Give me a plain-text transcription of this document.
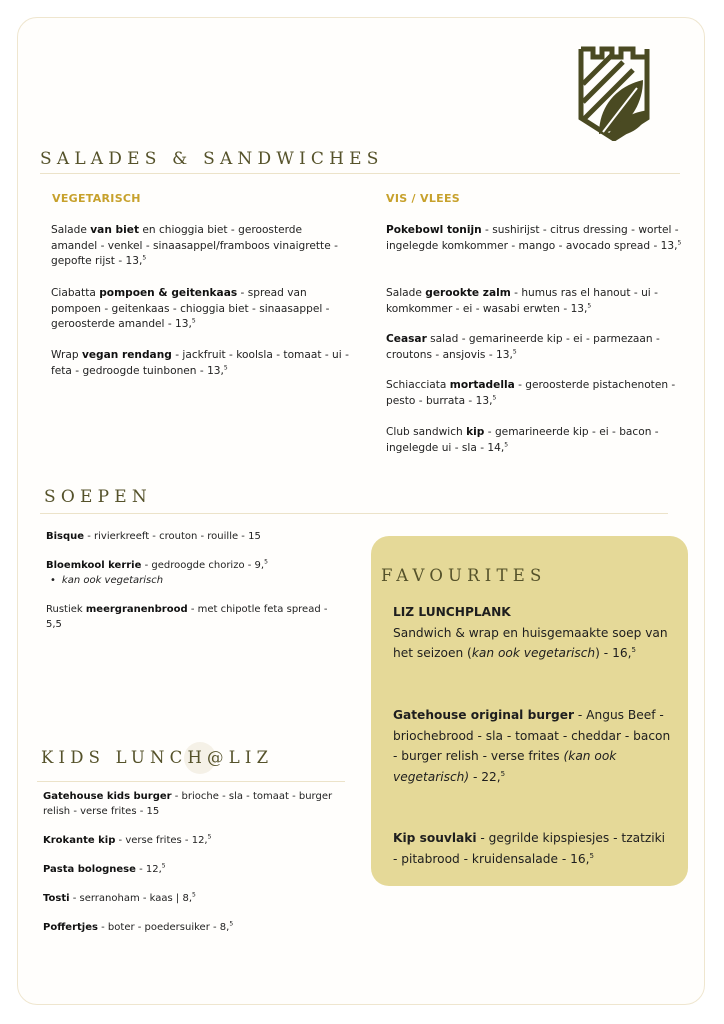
SALADES & SANDWICHES
VEGETARISCH	VIS / VLEES

Salade van biet en chioggia biet - geroosterde amandel - venkel - sinaasappel/framboos vinaigrette - gepofte rijst - 13,$^5$

Ciabatta pompoen & geitenkaas - spread van pompoen - geitenkaas - chioggia biet - sinaasappel - geroosterde amandel - 13,$^5$

Wrap vegan rendang - jackfruit - koolsla - tomaat - ui - feta - gedroogde tuinbonen - 13,$^5$

Pokebowl tonijn - sushirijst - citrus dressing - wortel - ingelegde komkommer - mango - avocado spread - 13,$^5$

Salade gerookte zalm - humus ras el hanout - ui - komkommer - ei - wasabi erwten - 13,$^5$

Ceasar salad - gemarineerde kip - ei - parmezaan - croutons - ansjovis - 13,$^5$

Schiacciata mortadella - geroosterde pistachenoten - pesto - burrata - 13,$^5$

Club sandwich kip - gemarineerde kip - ei - bacon - ingelegde ui - sla - 14,$^5$

SOEPEN

Bisque - rivierkreeft - crouton - rouille - 15

Bloemkool kerrie - gedroogde chorizo - 9,$^5$

• kan ook vegetarisch

Rustiek meergranenbrood - met chipotle feta spread - 5,5

KIDS LUNCH@LIZ

Gatehouse kids burger - brioche - sla - tomaat - burger relish - verse frites - 15

Krokante kip - verse frites - 12,$^5$

Pasta bolognese - 12,$^5$

Tosti - serranoham - kaas | 8,$^5$

Poffertjes - boter - poedersuiker - 8,$^5$

FAVOURITES

LIZ LUNCHPLANK
Sandwich & wrap en huisgemaakte soep van het seizoen (kan ook vegetarisch) - 16,$^5$

Gatehouse original burger - Angus Beef - briochebrood - sla - tomaat - cheddar - bacon - burger relish - verse frites (kan ook vegetarisch) - 22,$^5$

Kip souvlaki - gegrilde kipspiesjes - tzatziki - pitabrood - kruidensalade - 16,$^5$
